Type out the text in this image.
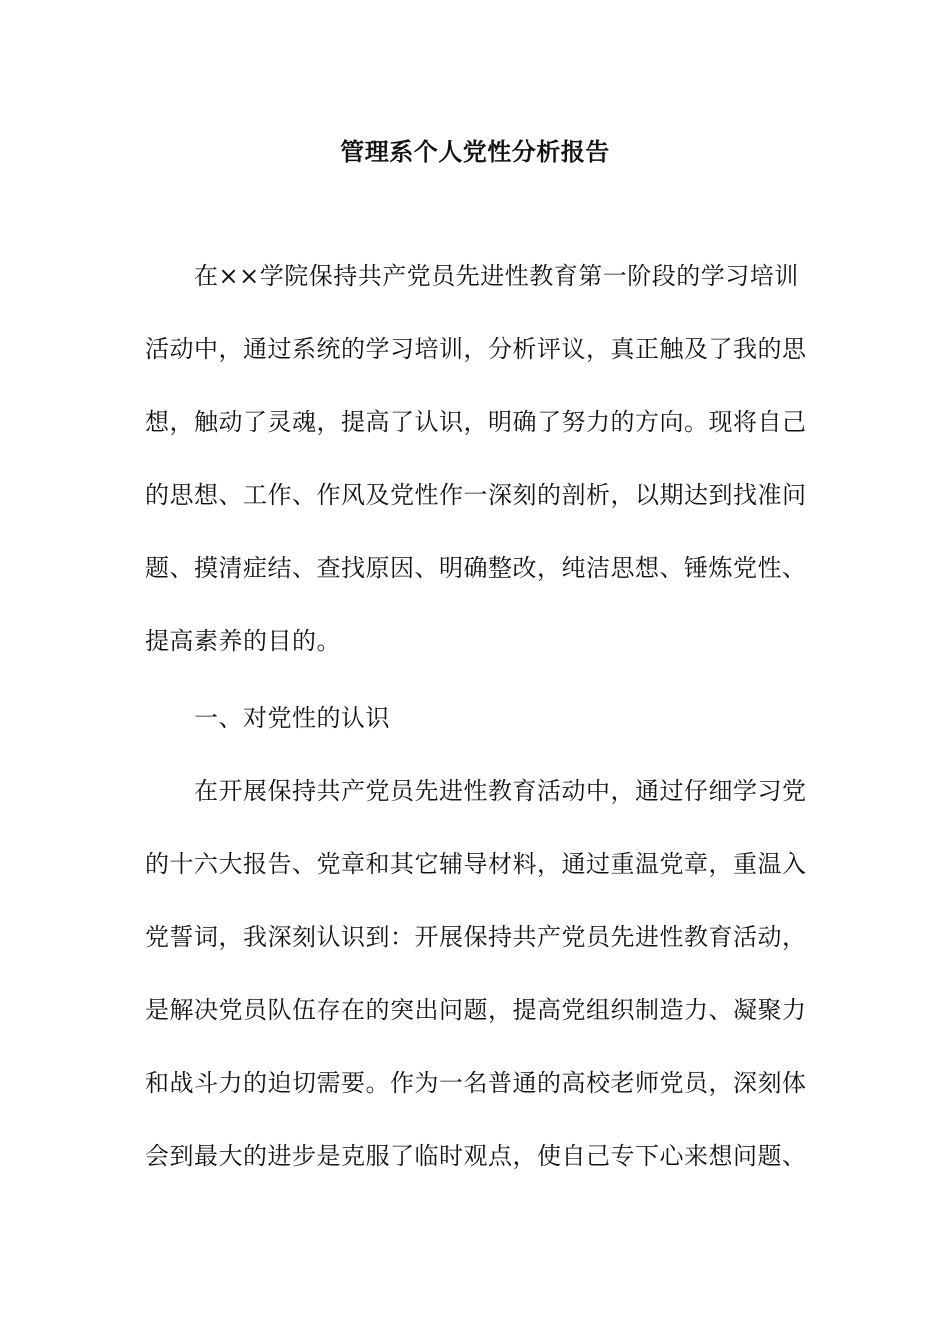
管理系个人党性分析报告
　　在××学院保持共产党员先进性教育第一阶段的学习培训
活动中，通过系统的学习培训，分析评议，真正触及了我的思
想，触动了灵魂，提高了认识，明确了努力的方向。现将自己
的思想、工作、作风及党性作一深刻的剖析，以期达到找准问
题、摸清症结、查找原因、明确整改，纯洁思想、锤炼党性、
提高素养的目的。
　　一、对党性的认识
　　在开展保持共产党员先进性教育活动中，通过仔细学习党
的十六大报告、党章和其它辅导材料，通过重温党章，重温入
党誓词，我深刻认识到：开展保持共产党员先进性教育活动，
是解决党员队伍存在的突出问题，提高党组织制造力、凝聚力
和战斗力的迫切需要。作为一名普通的高校老师党员，深刻体
会到最大的进步是克服了临时观点，使自己专下心来想问题、
